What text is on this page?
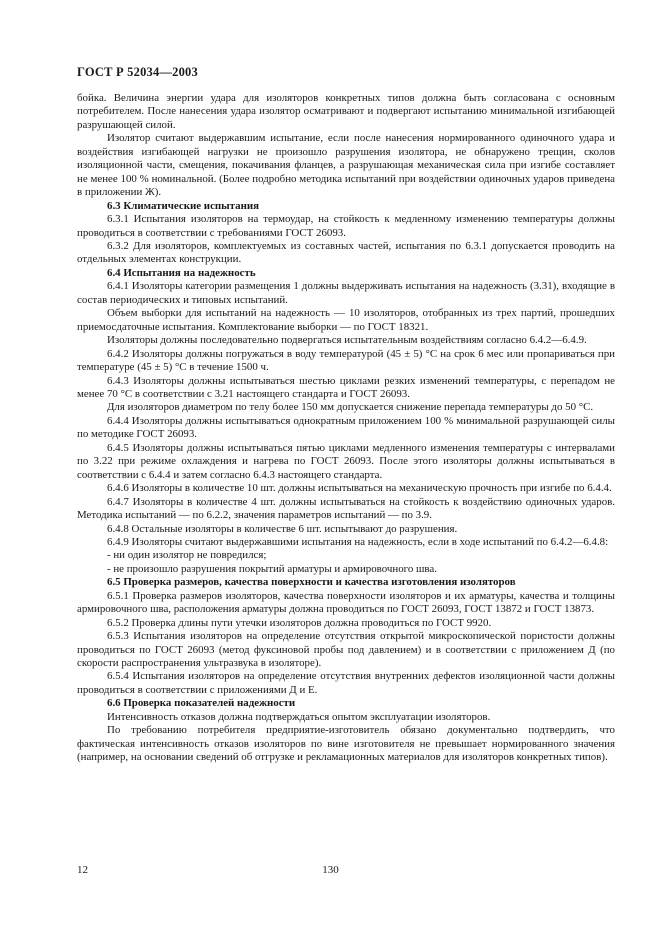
ГОСТ Р 52034—2003

бойка. Величина энергии удара для изоляторов конкретных типов должна быть согласована с основным потребителем. После нанесения удара изолятор осматривают и подвергают испытанию минимальной изгибающей разрушающей силой.

Изолятор считают выдержавшим испытание, если после нанесения нормированного одиночного удара и воздействия изгибающей нагрузки не произошло разрушения изолятора, не обнаружено трещин, сколов изоляционной части, смещения, покачивания фланцев, а разрушающая механическая сила при изгибе составляет не менее 100 % номинальной. (Более подробно методика испытаний при воздействии одиночных ударов приведена в приложении Ж).

6.3 Климатические испытания

6.3.1 Испытания изоляторов на термоудар, на стойкость к медленному изменению температуры должны проводиться в соответствии с требованиями ГОСТ 26093.

6.3.2 Для изоляторов, комплектуемых из составных частей, испытания по 6.3.1 допускается проводить на отдельных элементах конструкции.

6.4 Испытания на надежность

6.4.1 Изоляторы категории размещения 1 должны выдерживать испытания на надежность (3.31), входящие в состав периодических и типовых испытаний.

Объем выборки для испытаний на надежность — 10 изоляторов, отобранных из трех партий, прошедших приемосдаточные испытания. Комплектование выборки — по ГОСТ 18321.

Изоляторы должны последовательно подвергаться испытательным воздействиям согласно 6.4.2—6.4.9.

6.4.2 Изоляторы должны погружаться в воду температурой (45 ± 5) °С на срок 6 мес или пропариваться при температуре (45 ± 5) °С в течение 1500 ч.

6.4.3 Изоляторы должны испытываться шестью циклами резких изменений температуры, с перепадом не менее 70 °С в соответствии с 3.21 настоящего стандарта и ГОСТ 26093.

Для изоляторов диаметром по телу более 150 мм допускается снижение перепада температуры до 50 °С.

6.4.4 Изоляторы должны испытываться однократным приложением 100 % минимальной разрушающей силы по методике ГОСТ 26093.

6.4.5 Изоляторы должны испытываться пятью циклами медленного изменения температуры с интервалами по 3.22 при режиме охлаждения и нагрева по ГОСТ 26093. После этого изоляторы должны испытываться в соответствии с 6.4.4 и затем согласно 6.4.3 настоящего стандарта.

6.4.6 Изоляторы в количестве 10 шт. должны испытываться на механическую прочность при изгибе по 6.4.4.

6.4.7 Изоляторы в количестве 4 шт. должны испытываться на стойкость к воздействию одиночных ударов. Методика испытаний — по 6.2.2, значения параметров испытаний — по 3.9.

6.4.8 Остальные изоляторы в количестве 6 шт. испытывают до разрушения.

6.4.9 Изоляторы считают выдержавшими испытания на надежность, если в ходе испытаний по 6.4.2—6.4.8:

- ни один изолятор не повредился;

- не произошло разрушения покрытий арматуры и армировочного шва.

6.5 Проверка размеров, качества поверхности и качества изготовления изоляторов

6.5.1 Проверка размеров изоляторов, качества поверхности изоляторов и их арматуры, качества и толщины армировочного шва, расположения арматуры должна проводиться по ГОСТ 26093, ГОСТ 13872 и ГОСТ 13873.

6.5.2 Проверка длины пути утечки изоляторов должна проводиться по ГОСТ 9920.

6.5.3 Испытания изоляторов на определение отсутствия открытой микроскопической пористости должны проводиться по ГОСТ 26093 (метод фуксиновой пробы под давлением) и в соответствии с приложением Д (по скорости распространения ультразвука в изоляторе).

6.5.4 Испытания изоляторов на определение отсутствия внутренних дефектов изоляционной части должны проводиться в соответствии с приложениями Д и Е.

6.6 Проверка показателей надежности

Интенсивность отказов должна подтверждаться опытом эксплуатации изоляторов.

По требованию потребителя предприятие-изготовитель обязано документально подтвердить, что фактическая интенсивность отказов изоляторов по вине изготовителя не превышает нормированного значения (например, на основании сведений об отгрузке и рекламационных материалов для изоляторов конкретных типов).

12	130
